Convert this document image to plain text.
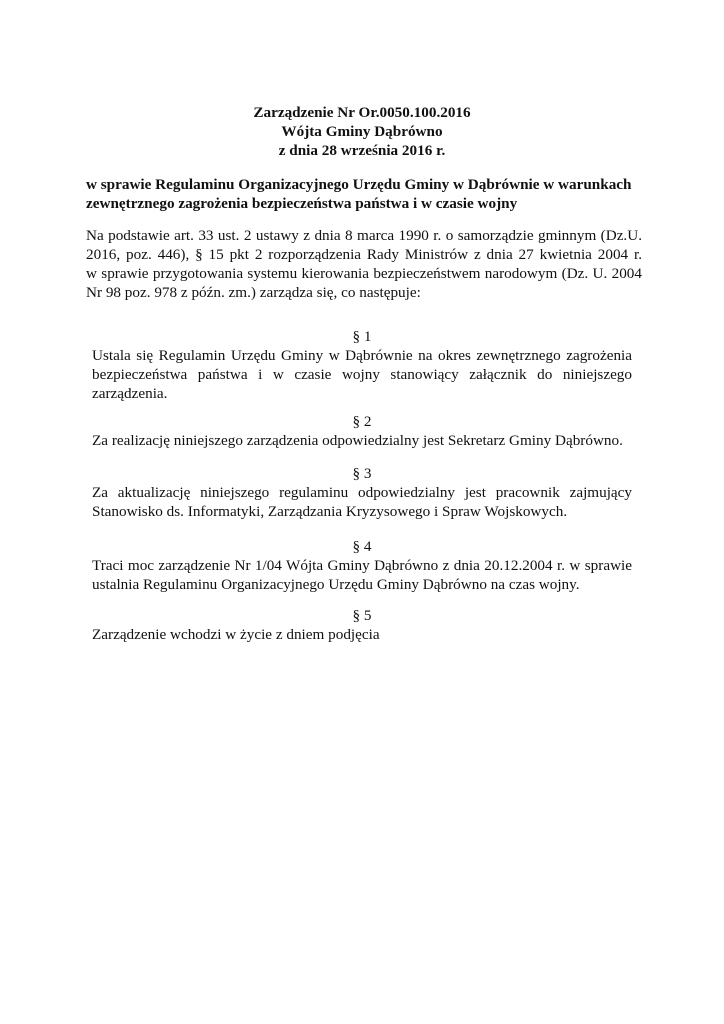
Zarządzenie Nr Or.0050.100.2016
Wójta Gminy Dąbrówno
z dnia 28 września 2016 r.
w sprawie Regulaminu Organizacyjnego Urzędu Gminy w Dąbrównie w warunkach
zewnętrznego zagrożenia bezpieczeństwa państwa i w czasie wojny
Na podstawie art. 33 ust. 2 ustawy z dnia 8 marca 1990 r. o samorządzie gminnym (Dz.U.
2016, poz. 446), § 15 pkt 2 rozporządzenia Rady Ministrów z dnia 27 kwietnia 2004 r.
w sprawie przygotowania systemu kierowania bezpieczeństwem narodowym (Dz. U. 2004
Nr 98 poz. 978 z późn. zm.) zarządza się, co następuje:
§ 1
Ustala się Regulamin Urzędu Gminy w Dąbrównie na okres zewnętrznego zagrożenia
bezpieczeństwa państwa i w czasie wojny stanowiący załącznik do niniejszego
zarządzenia.
§ 2
Za realizację niniejszego zarządzenia odpowiedzialny jest Sekretarz Gminy Dąbrówno.
§ 3
Za aktualizację niniejszego regulaminu odpowiedzialny jest pracownik zajmujący
Stanowisko ds. Informatyki, Zarządzania Kryzysowego i Spraw Wojskowych.
§ 4
Traci moc zarządzenie Nr 1/04 Wójta Gminy Dąbrówno z dnia 20.12.2004 r. w sprawie
ustalnia Regulaminu Organizacyjnego Urzędu Gminy Dąbrówno na czas wojny.
§ 5
Zarządzenie wchodzi w życie z dniem podjęcia
